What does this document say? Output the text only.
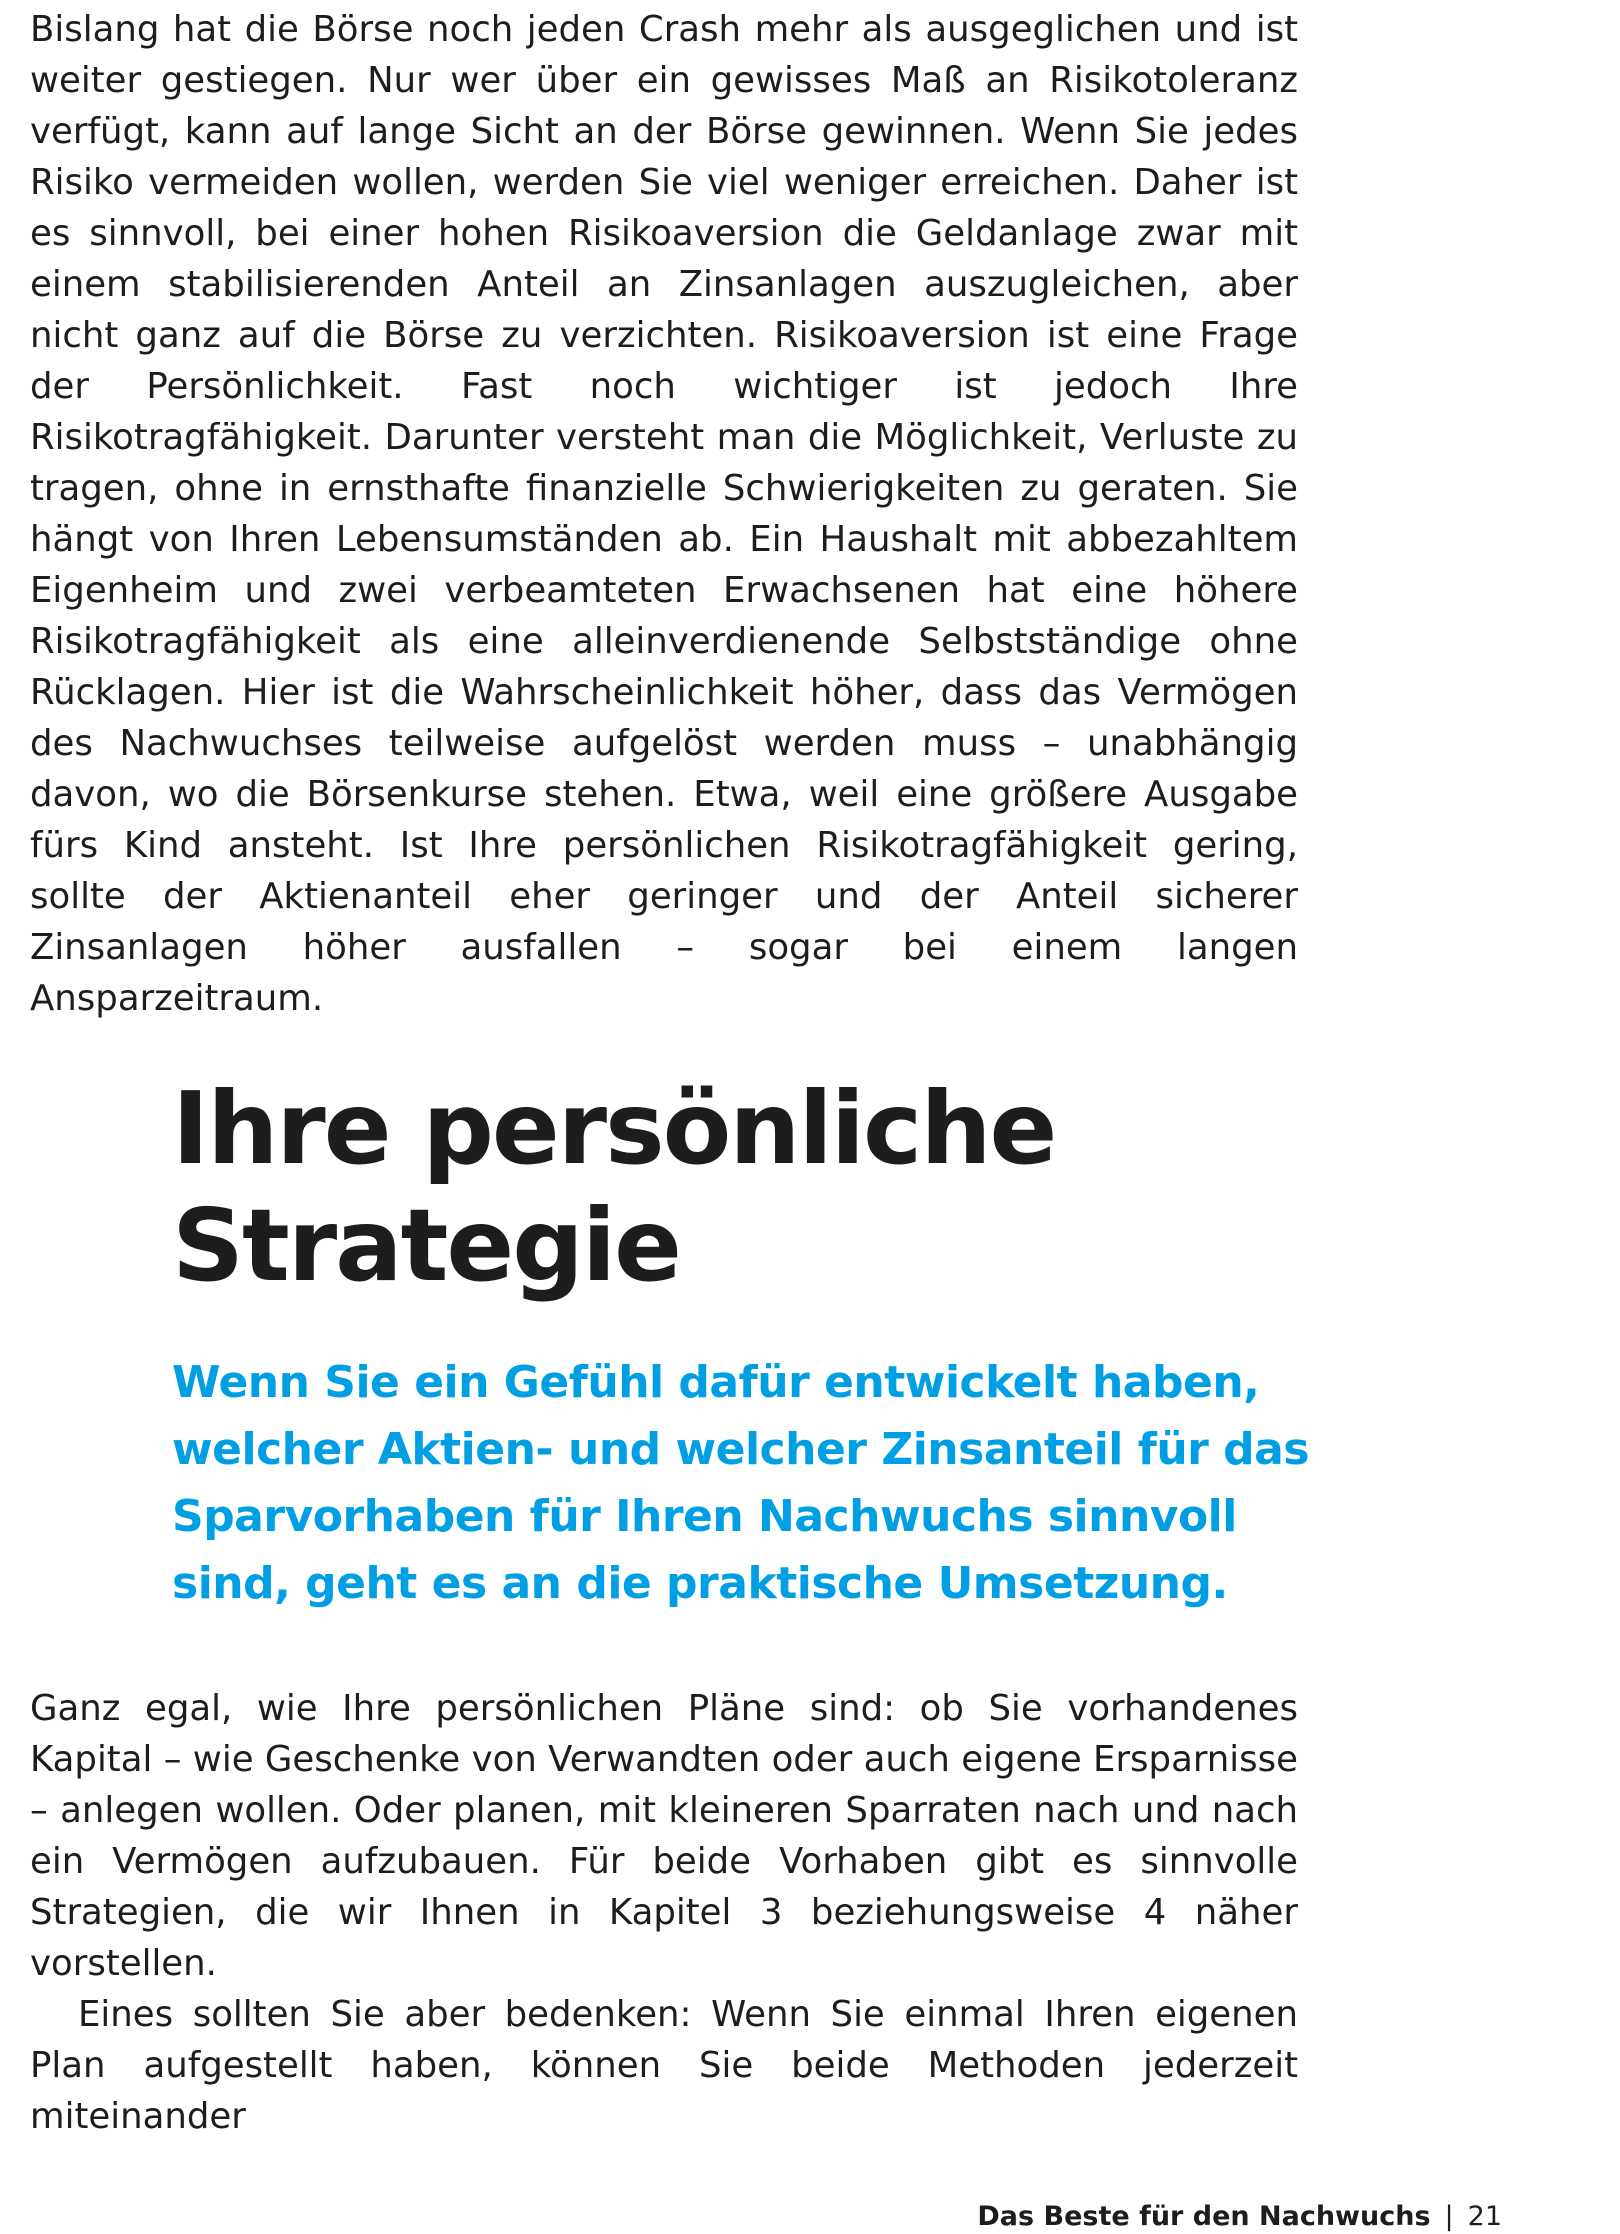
Bislang hat die Börse noch jeden Crash mehr als ausgeglichen und ist weiter gestiegen. Nur wer über ein gewisses Maß an Risikotoleranz verfügt, kann auf lange Sicht an der Börse gewinnen. Wenn Sie jedes Risiko vermeiden wollen, werden Sie viel weniger erreichen. Daher ist es sinnvoll, bei einer hohen Risikoaversion die Geldanlage zwar mit einem stabilisierenden Anteil an Zinsanlagen auszugleichen, aber nicht ganz auf die Börse zu verzichten. Risikoaversion ist eine Frage der Persönlichkeit. Fast noch wichtiger ist jedoch Ihre Risikotragfähigkeit. Darunter versteht man die Möglichkeit, Verluste zu tragen, ohne in ernsthafte finanzielle Schwierigkeiten zu geraten. Sie hängt von Ihren Lebensumständen ab. Ein Haushalt mit abbezahltem Eigenheim und zwei verbeamteten Erwachsenen hat eine höhere Risikotragfähigkeit als eine alleinverdienende Selbstständige ohne Rücklagen. Hier ist die Wahrscheinlichkeit höher, dass das Vermögen des Nachwuchses teilweise aufgelöst werden muss – unabhängig davon, wo die Börsenkurse stehen. Etwa, weil eine größere Ausgabe fürs Kind ansteht. Ist Ihre persönlichen Risikotragfähigkeit gering, sollte der Aktienanteil eher geringer und der Anteil sicherer Zinsanlagen höher ausfallen – sogar bei einem langen Ansparzeitraum.

Ihre persönliche
Strategie

Wenn Sie ein Gefühl dafür entwickelt haben,
welcher Aktien- und welcher Zinsanteil für das
Sparvorhaben für Ihren Nachwuchs sinnvoll
sind, geht es an die praktische Umsetzung.

Ganz egal, wie Ihre persönlichen Pläne sind: ob Sie vorhandenes Kapital – wie Geschenke von Verwandten oder auch eigene Ersparnisse – anlegen wollen. Oder planen, mit kleineren Sparraten nach und nach ein Vermögen aufzubauen. Für beide Vorhaben gibt es sinnvolle Strategien, die wir Ihnen in Kapitel 3 beziehungsweise 4 näher vorstellen.

Eines sollten Sie aber bedenken: Wenn Sie einmal Ihren eigenen Plan aufgestellt haben, können Sie beide Methoden jederzeit miteinander

Das Beste für den Nachwuchs | 21
